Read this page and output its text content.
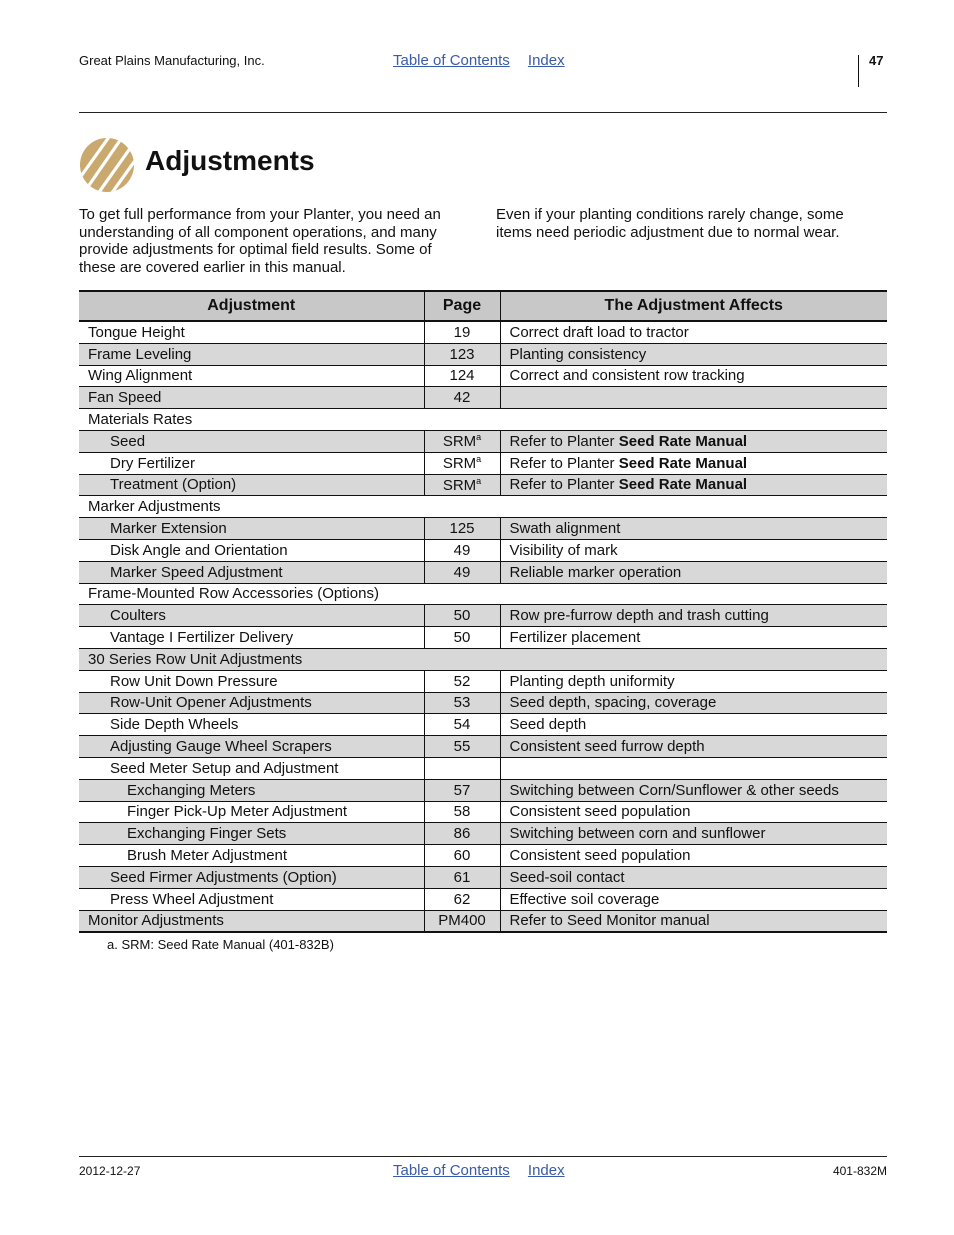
Great Plains Manufacturing, Inc.	Table of Contents Index	47
Adjustments

To get full performance from your Planter, you need an understanding of all component operations, and many provide adjustments for optimal field results. Some of these are covered earlier in this manual.

Even if your planting conditions rarely change, some items need periodic adjustment due to normal wear.

Adjustment	Page	The Adjustment Affects
Tongue Height	19	Correct draft load to tractor
Frame Leveling	123	Planting consistency
Wing Alignment	124	Correct and consistent row tracking
Fan Speed	42	
Materials Rates		
Seed	SRM$^a$	Refer to Planter Seed Rate Manual
Dry Fertilizer	SRM$^a$	Refer to Planter Seed Rate Manual
Treatment (Option)	SRM$^a$	Refer to Planter Seed Rate Manual
Marker Adjustments		
Marker Extension	125	Swath alignment
Disk Angle and Orientation	49	Visibility of mark
Marker Speed Adjustment	49	Reliable marker operation
Frame-Mounted Row Accessories (Options)		
Coulters	50	Row pre-furrow depth and trash cutting
Vantage I Fertilizer Delivery	50	Fertilizer placement
30 Series Row Unit Adjustments		
Row Unit Down Pressure	52	Planting depth uniformity
Row-Unit Opener Adjustments	53	Seed depth, spacing, coverage
Side Depth Wheels	54	Seed depth
Adjusting Gauge Wheel Scrapers	55	Consistent seed furrow depth
Seed Meter Setup and Adjustment		
Exchanging Meters	57	Switching between Corn/Sunflower & other seeds
Finger Pick-Up Meter Adjustment	58	Consistent seed population
Exchanging Finger Sets	86	Switching between corn and sunflower
Brush Meter Adjustment	60	Consistent seed population
Seed Firmer Adjustments (Option)	61	Seed-soil contact
Press Wheel Adjustment	62	Effective soil coverage
Monitor Adjustments	PM400	Refer to Seed Monitor manual
a. SRM: Seed Rate Manual (401-832B)
2012-12-27	Table of Contents Index	401-832M
